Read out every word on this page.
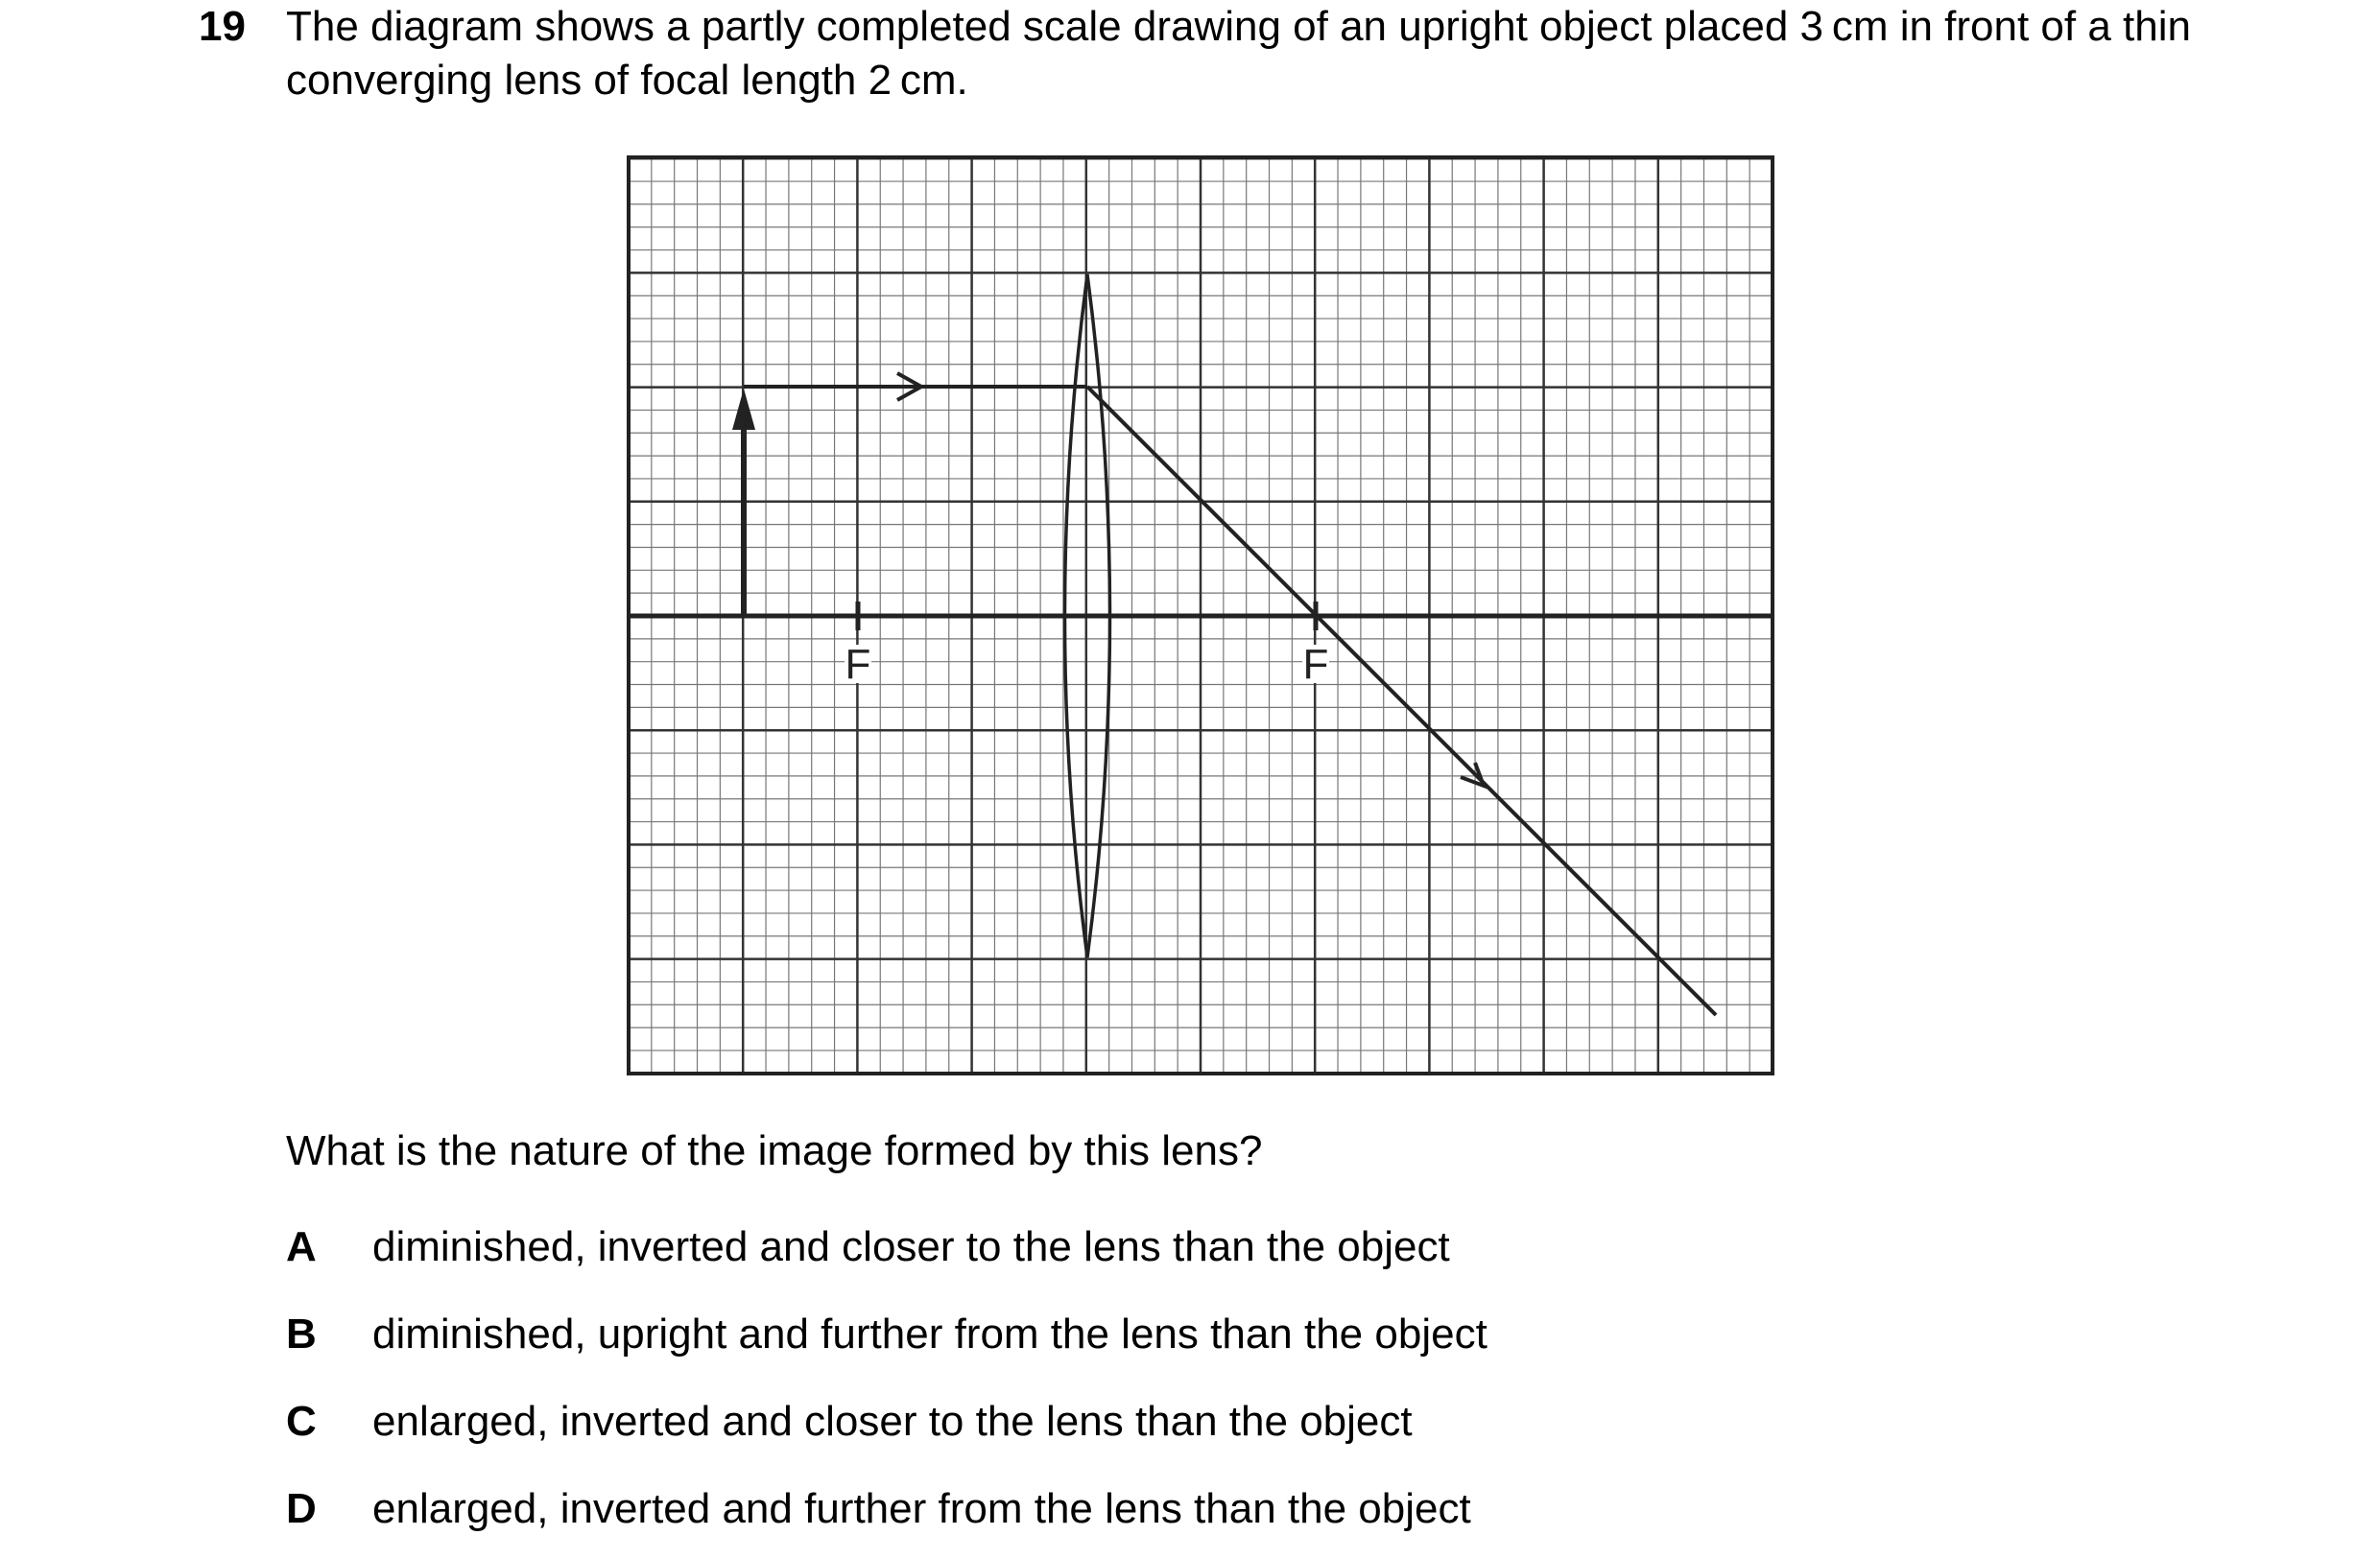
19 The diagram shows a partly completed scale drawing of an upright object placed 3 cm in front of a thin converging lens of focal length 2 cm.
F	F
What is the nature of the image formed by this lens?
A diminished, inverted and closer to the lens than the object
B diminished, upright and further from the lens than the object
C enlarged, inverted and closer to the lens than the object
D enlarged, inverted and further from the lens than the object
